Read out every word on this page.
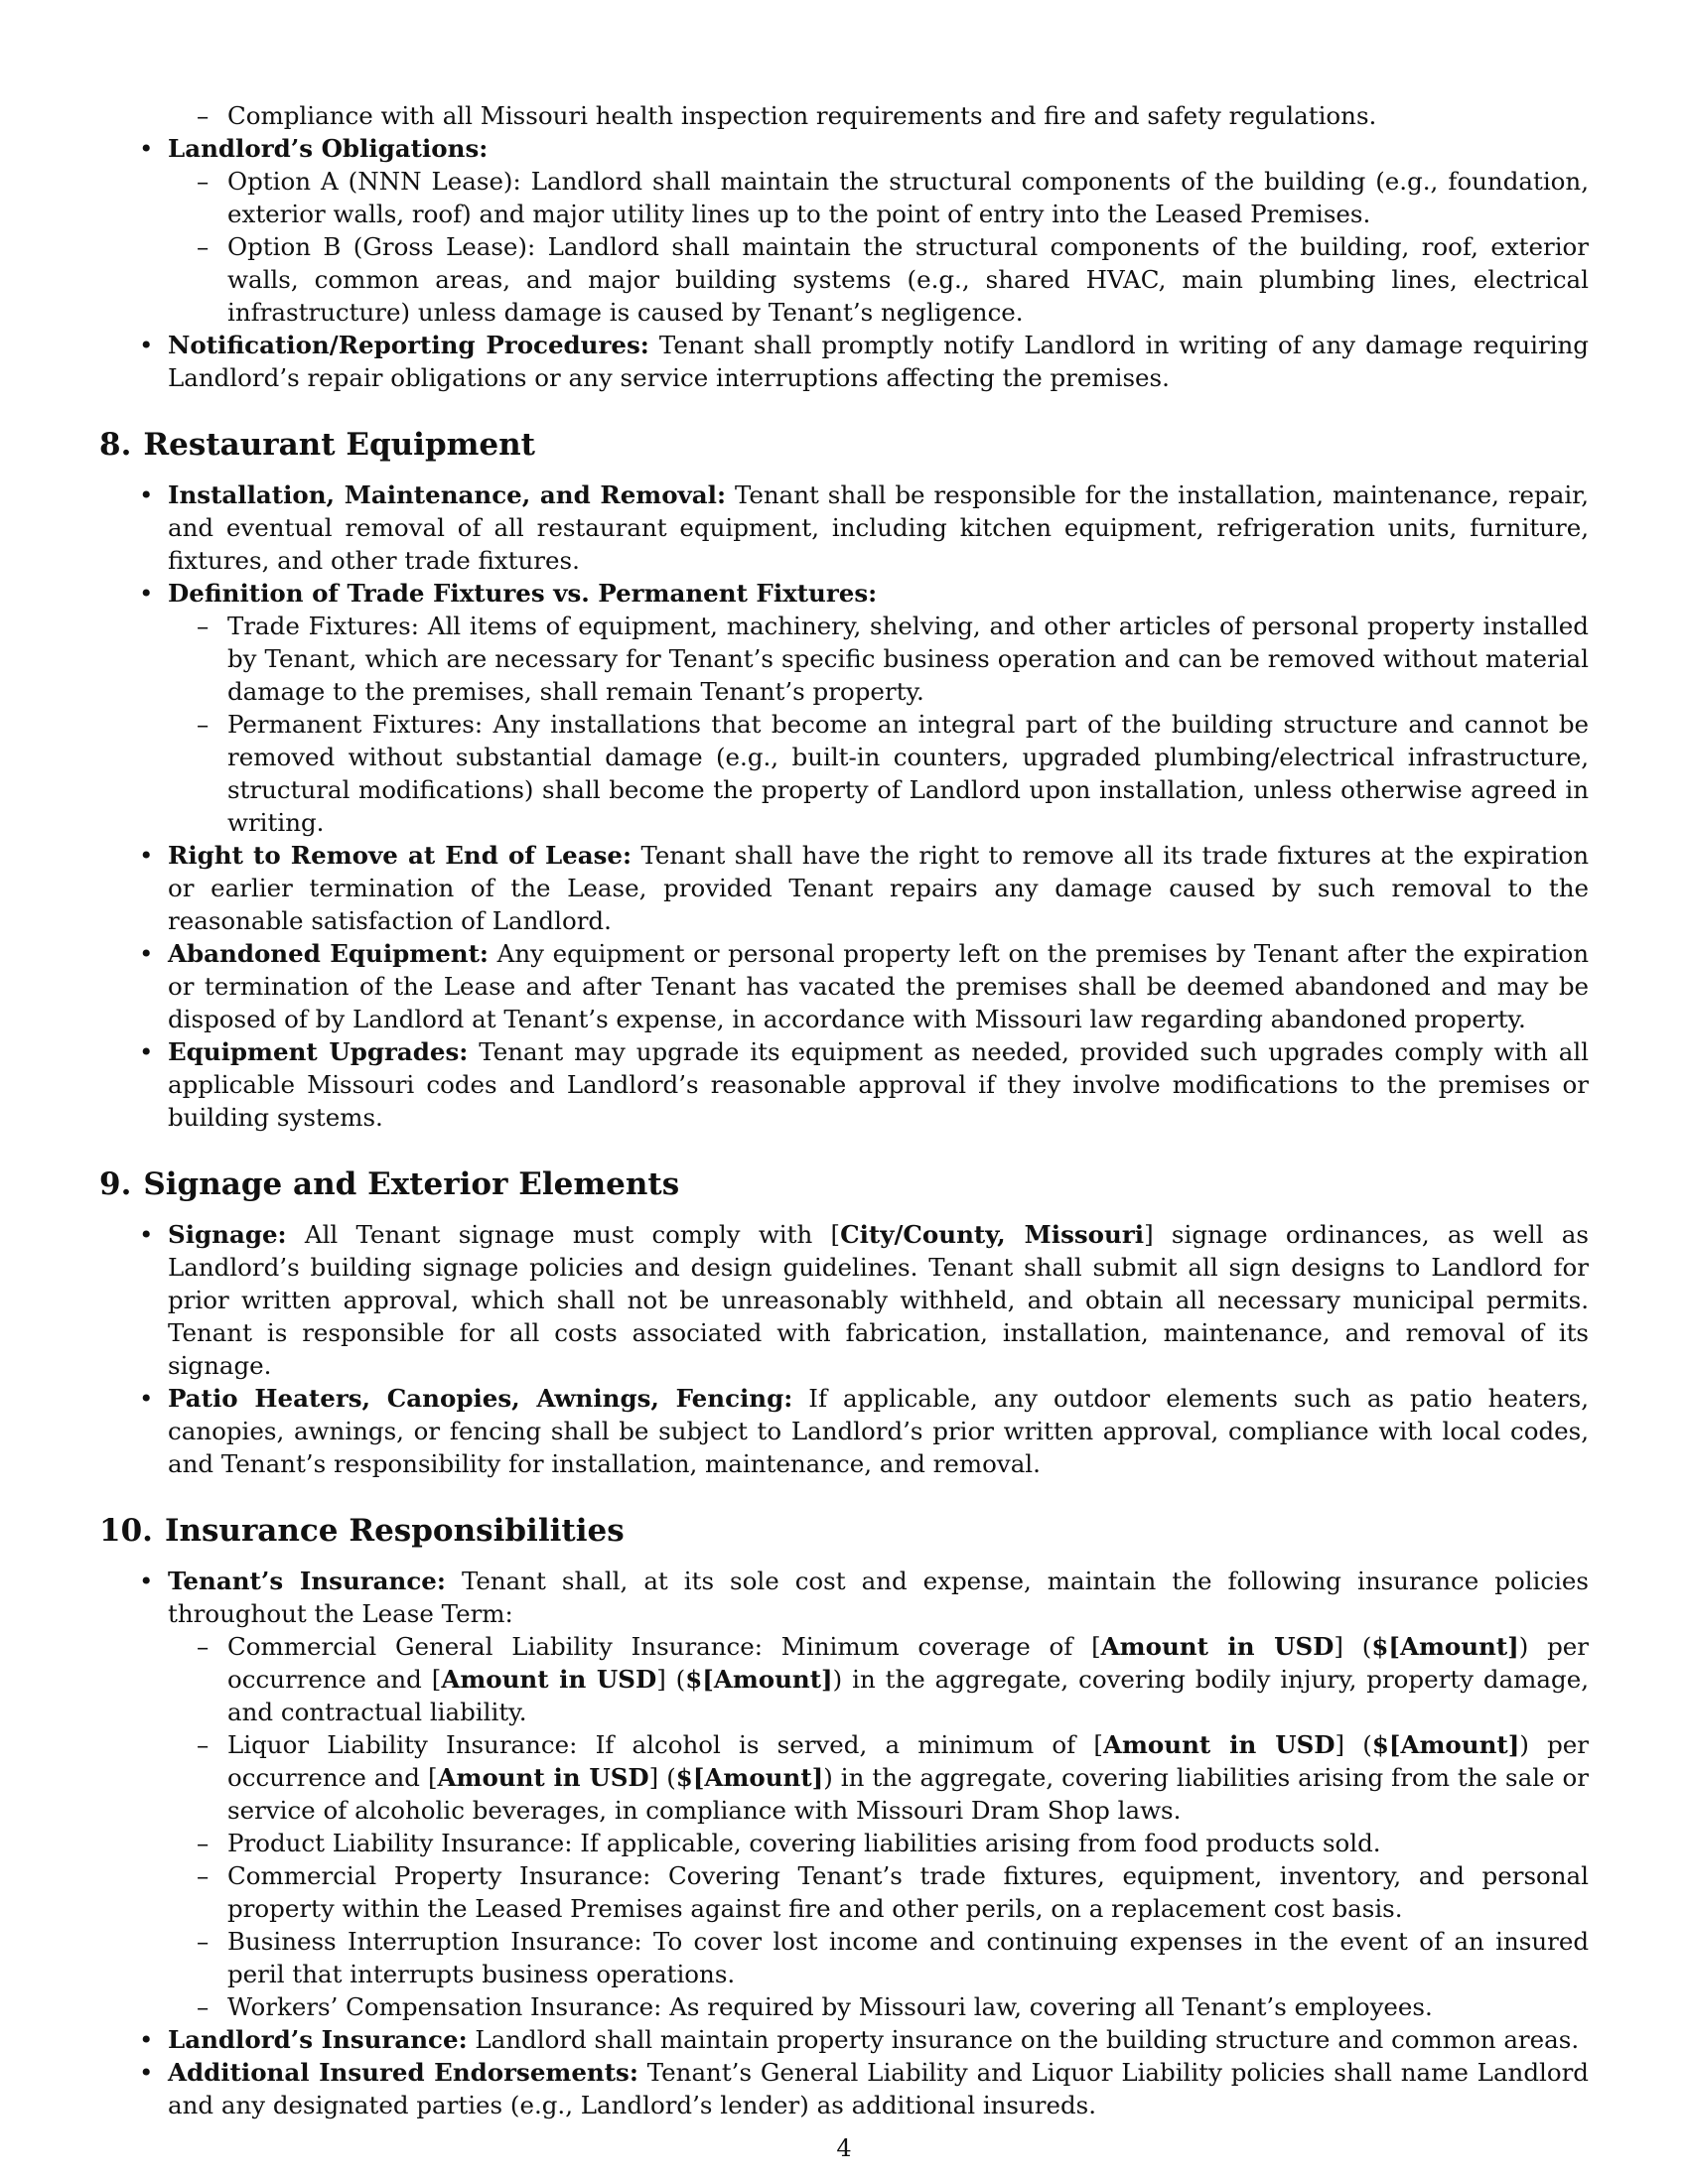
– Compliance with all Missouri health inspection requirements and fire and safety regulations.
• Landlord’s Obligations:
– Option A (NNN Lease): Landlord shall maintain the structural components of the building (e.g., foundation, exterior walls, roof) and major utility lines up to the point of entry into the Leased Premises.
– Option B (Gross Lease): Landlord shall maintain the structural components of the building, roof, exterior walls, common areas, and major building systems (e.g., shared HVAC, main plumbing lines, electrical infrastructure) unless damage is caused by Tenant’s negligence.
• Notification/Reporting Procedures: Tenant shall promptly notify Landlord in writing of any damage requiring Landlord’s repair obligations or any service interruptions affecting the premises.
8. Restaurant Equipment
• Installation, Maintenance, and Removal: Tenant shall be responsible for the installation, maintenance, repair, and eventual removal of all restaurant equipment, including kitchen equipment, refrigeration units, furniture, fixtures, and other trade fixtures.
• Definition of Trade Fixtures vs. Permanent Fixtures:
– Trade Fixtures: All items of equipment, machinery, shelving, and other articles of personal property installed by Tenant, which are necessary for Tenant’s specific business operation and can be removed without material damage to the premises, shall remain Tenant’s property.
– Permanent Fixtures: Any installations that become an integral part of the building structure and cannot be removed without substantial damage (e.g., built-in counters, upgraded plumbing/electrical infrastructure, structural modifications) shall become the property of Landlord upon installation, unless otherwise agreed in writing.
• Right to Remove at End of Lease: Tenant shall have the right to remove all its trade fixtures at the expiration or earlier termination of the Lease, provided Tenant repairs any damage caused by such removal to the reasonable satisfaction of Landlord.
• Abandoned Equipment: Any equipment or personal property left on the premises by Tenant after the expiration or termination of the Lease and after Tenant has vacated the premises shall be deemed abandoned and may be disposed of by Landlord at Tenant’s expense, in accordance with Missouri law regarding abandoned property.
• Equipment Upgrades: Tenant may upgrade its equipment as needed, provided such upgrades comply with all applicable Missouri codes and Landlord’s reasonable approval if they involve modifications to the premises or building systems.
9. Signage and Exterior Elements
• Signage: All Tenant signage must comply with [City/County, Missouri] signage ordinances, as well as Landlord’s building signage policies and design guidelines. Tenant shall submit all sign designs to Landlord for prior written approval, which shall not be unreasonably withheld, and obtain all necessary municipal permits. Tenant is responsible for all costs associated with fabrication, installation, maintenance, and removal of its signage.
• Patio Heaters, Canopies, Awnings, Fencing: If applicable, any outdoor elements such as patio heaters, canopies, awnings, or fencing shall be subject to Landlord’s prior written approval, compliance with local codes, and Tenant’s responsibility for installation, maintenance, and removal.
10. Insurance Responsibilities
• Tenant’s Insurance: Tenant shall, at its sole cost and expense, maintain the following insurance policies throughout the Lease Term:
– Commercial General Liability Insurance: Minimum coverage of [Amount in USD] ($[Amount]) per occurrence and [Amount in USD] ($[Amount]) in the aggregate, covering bodily injury, property damage, and contractual liability.
– Liquor Liability Insurance: If alcohol is served, a minimum of [Amount in USD] ($[Amount]) per occurrence and [Amount in USD] ($[Amount]) in the aggregate, covering liabilities arising from the sale or service of alcoholic beverages, in compliance with Missouri Dram Shop laws.
– Product Liability Insurance: If applicable, covering liabilities arising from food products sold.
– Commercial Property Insurance: Covering Tenant’s trade fixtures, equipment, inventory, and personal property within the Leased Premises against fire and other perils, on a replacement cost basis.
– Business Interruption Insurance: To cover lost income and continuing expenses in the event of an insured peril that interrupts business operations.
– Workers’ Compensation Insurance: As required by Missouri law, covering all Tenant’s employees.
• Landlord’s Insurance: Landlord shall maintain property insurance on the building structure and common areas.
• Additional Insured Endorsements: Tenant’s General Liability and Liquor Liability policies shall name Landlord and any designated parties (e.g., Landlord’s lender) as additional insureds.
4
